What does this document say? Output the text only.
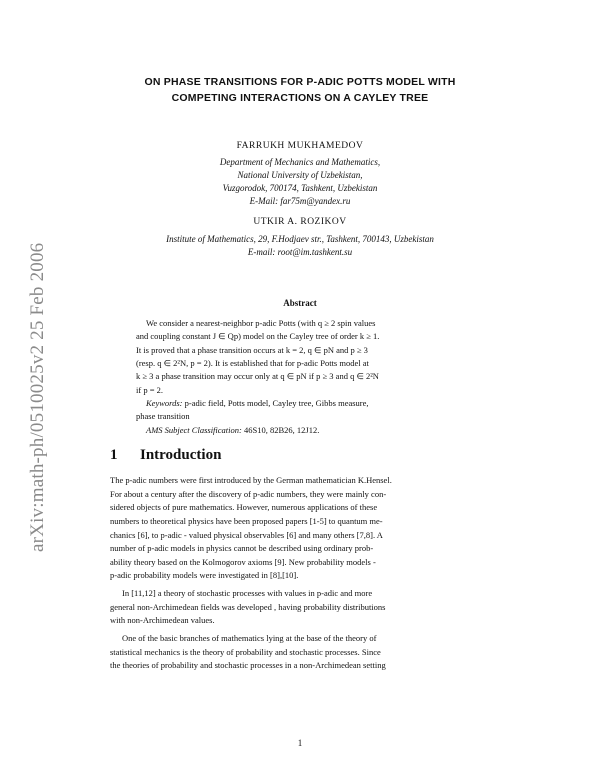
arXiv:math-ph/0510025v2 25 Feb 2006
ON PHASE TRANSITIONS FOR P-ADIC POTTS MODEL WITH
COMPETING INTERACTIONS ON A CAYLEY TREE
FARRUKH MUKHAMEDOV
Department of Mechanics and Mathematics,
National University of Uzbekistan,
Vuzgorodok, 700174, Tashkent, Uzbekistan
E-Mail: far75m@yandex.ru
UTKIR A. ROZIKOV
Institute of Mathematics, 29, F.Hodjaev str., Tashkent, 700143, Uzbekistan
E-mail: root@im.tashkent.su
Abstract
We consider a nearest-neighbor p-adic Potts (with q ≥ 2 spin values
and coupling constant J ∈ Qp) model on the Cayley tree of order k ≥ 1.
It is proved that a phase transition occurs at k = 2, q ∈ pN and p ≥ 3
(resp. q ∈ 2²N, p = 2). It is established that for p-adic Potts model at
k ≥ 3 a phase transition may occur only at q ∈ pN if p ≥ 3 and q ∈ 2²N
if p = 2.
Keywords: p-adic field, Potts model, Cayley tree, Gibbs measure,
phase transition
AMS Subject Classification: 46S10, 82B26, 12J12.
1 Introduction
The p-adic numbers were first introduced by the German mathematician K.Hensel.
For about a century after the discovery of p-adic numbers, they were mainly con-
sidered objects of pure mathematics. However, numerous applications of these
numbers to theoretical physics have been proposed papers [1-5] to quantum me-
chanics [6], to p-adic - valued physical observables [6] and many others [7,8]. A
number of p-adic models in physics cannot be described using ordinary prob-
ability theory based on the Kolmogorov axioms [9]. New probability models -
p-adic probability models were investigated in [8],[10].
In [11,12] a theory of stochastic processes with values in p-adic and more
general non-Archimedean fields was developed , having probability distributions
with non-Archimedean values.
One of the basic branches of mathematics lying at the base of the theory of
statistical mechanics is the theory of probability and stochastic processes. Since
the theories of probability and stochastic processes in a non-Archimedean setting
1
